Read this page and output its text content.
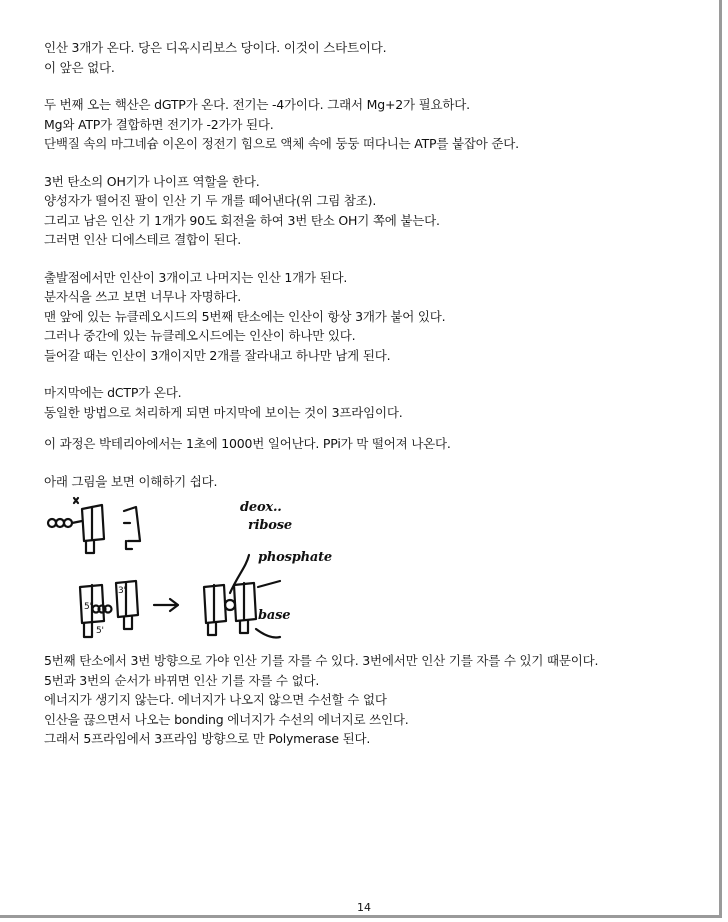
인산 3개가 온다. 당은 디옥시리보스 당이다. 이것이 스타트이다.
이 앞은 없다.
두 번째 오는 핵산은 dGTP가 온다. 전기는 -4가이다. 그래서 Mg+2가 필요하다.
Mg와 ATP가 결합하면 전기가 -2가가 된다.
단백질 속의 마그네슘 이온이 정전기 힘으로 액체 속에 둥둥 떠다니는 ATP를 붙잡아 준다.
3번 탄소의 OH기가 나이프 역할을 한다.
양성자가 떨어진 팔이 인산 기 두 개를 떼어낸다(위 그림 참조).
그리고 남은 인산 기 1개가 90도 회전을 하여 3번 탄소 OH기 쪽에 붙는다.
그러면 인산 디에스테르 결합이 된다.
출발점에서만 인산이 3개이고 나머지는 인산 1개가 된다.
분자식을 쓰고 보면 너무나 자명하다.
맨 앞에 있는 뉴클레오시드의 5번째 탄소에는 인산이 항상 3개가 붙어 있다.
그러나 중간에 있는 뉴클레오시드에는 인산이 하나만 있다.
들어갈 때는 인산이 3개이지만 2개를 잘라내고 하나만 남게 된다.
마지막에는 dCTP가 온다.
동일한 방법으로 처리하게 되면 마지막에 보이는 것이 3프라임이다.
이 과정은 박테리아에서는 1초에 1000번 일어난다. PPi가 막 떨어져 나온다.
아래 그림을 보면 이해하기 쉽다.
5'
3'
5'
deox..
ribose
phosphate
base
5번째 탄소에서 3번 방향으로 가야 인산 기를 자를 수 있다. 3번에서만 인산 기를 자를 수 있기 때문이다.
5번과 3번의 순서가 바뀌면 인산 기를 자를 수 없다.
에너지가 생기지 않는다. 에너지가 나오지 않으면 수선할 수 없다
인산을 끊으면서 나오는 bonding 에너지가 수선의 에너지로 쓰인다.
그래서 5프라임에서 3프라임 방향으로 만 Polymerase 된다.
14
